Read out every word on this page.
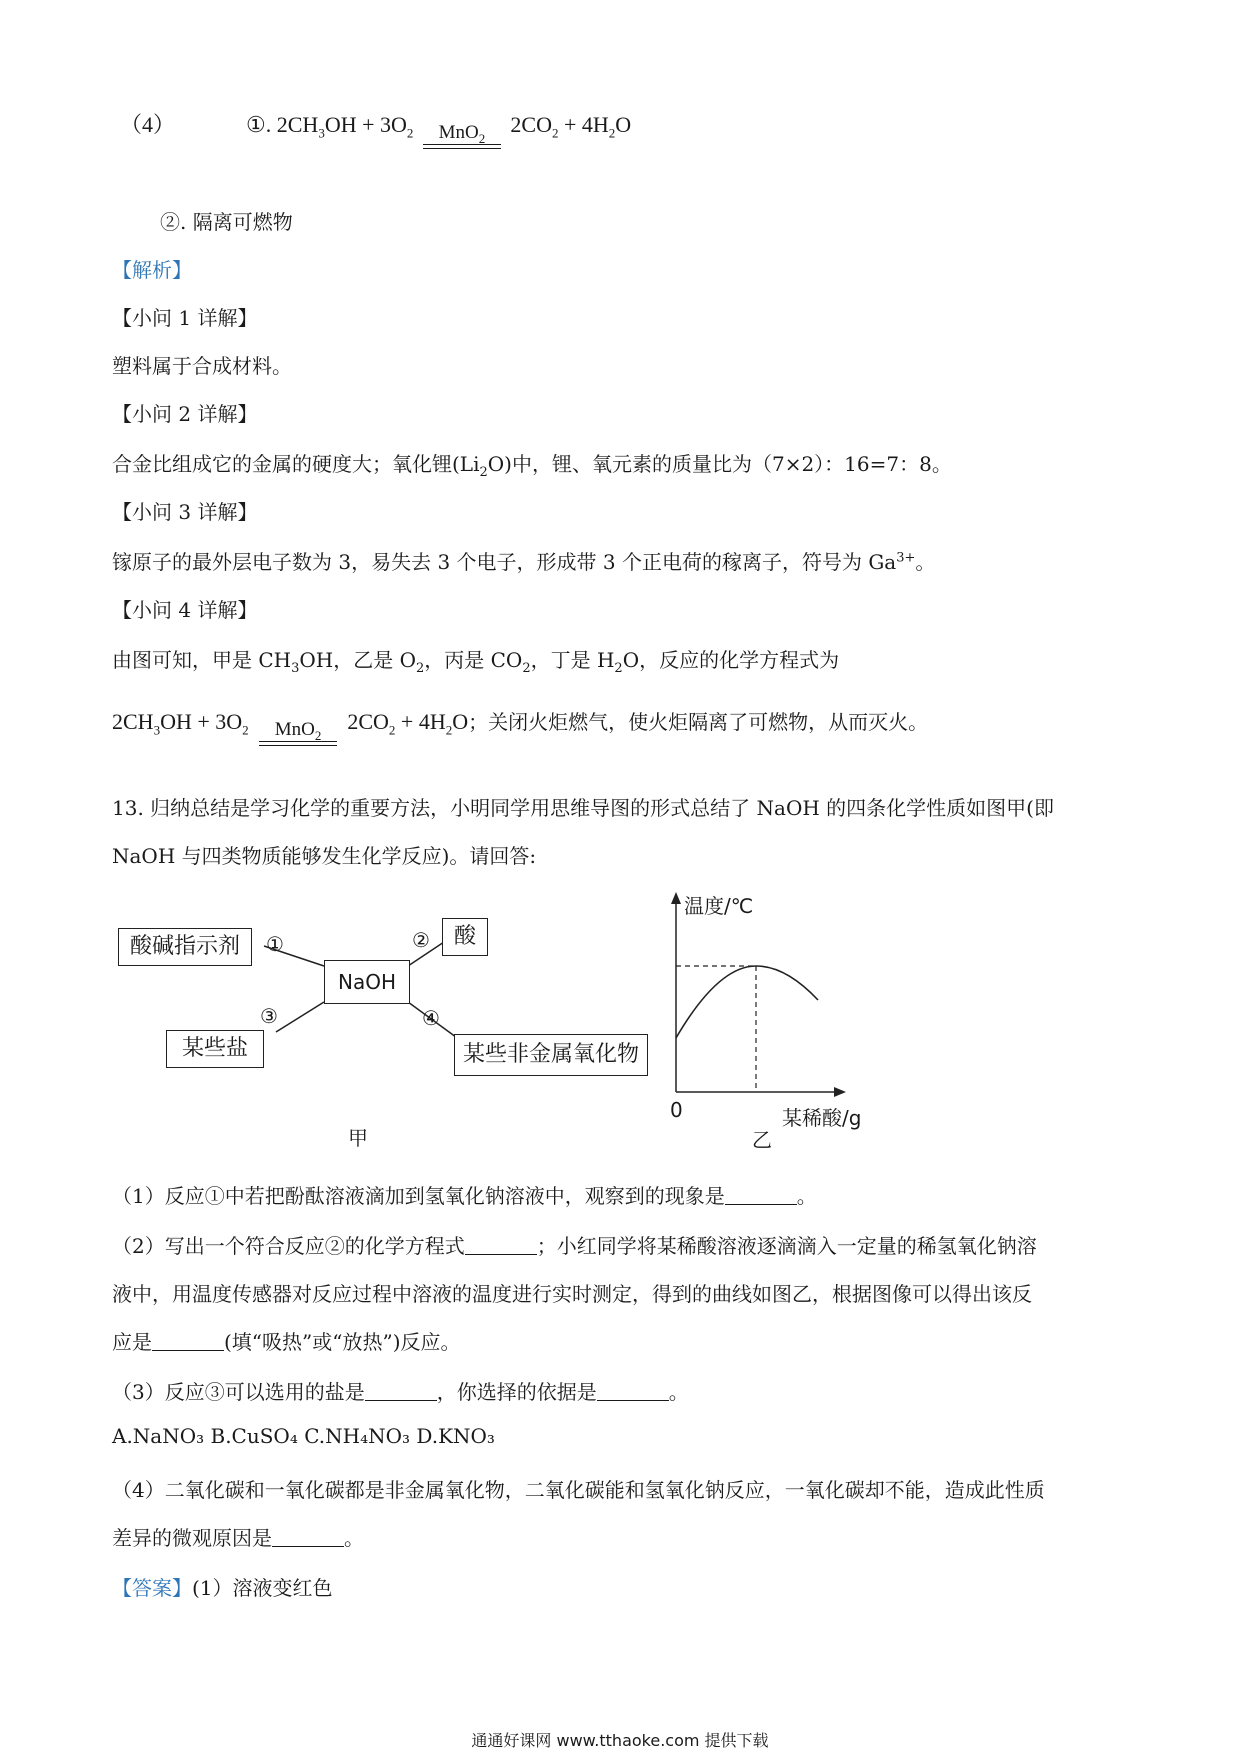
（4）	①. $2CH_3OH + 3O_2$ MnO$_2$
$2CO_2 + 4H_2O$
②. 隔离可燃物
【解析】
【小问 1 详解】
塑料属于合成材料。
【小问 2 详解】
合金比组成它的金属的硬度大；氧化锂$(Li_2O)$中，锂、氧元素的质量比为（7×2）：16=7：8。
【小问 3 详解】
镓原子的最外层电子数为 3，易失去 3 个电子，形成带 3 个正电荷的稼离子，符号为 $Ga^{3+}$。
【小问 4 详解】
由图可知，甲是 $CH_3OH$，乙是 $O_2$，丙是 $CO_2$，丁是 $H_2O$，反应的化学方程式为
$2CH_3OH + 3O_2$ MnO$_2$
$2CO_2 + 4H_2O$；关闭火炬燃气，使火炬隔离了可燃物，从而灭火。
13. 归纳总结是学习化学的重要方法，小明同学用思维导图的形式总结了 NaOH 的四条化学性质如图甲(即
NaOH 与四类物质能够发生化学反应)。请回答:
酸碱指示剂	①	酸
②
NaOH
③
某些盐
④
某些非金属氧化物
甲
温度/℃
0	某稀酸/g
乙
（1）反应①中若把酚酞溶液滴加到氢氧化钠溶液中，观察到的现象是	。
（2）写出一个符合反应②的化学方程式	；小红同学将某稀酸溶液逐滴滴入一定量的稀氢氧化钠溶
液中，用温度传感器对反应过程中溶液的温度进行实时测定，得到的曲线如图乙，根据图像可以得出该反
应是	(填“吸热”或“放热”)反应。
（3）反应③可以选用的盐是	，你选择的依据是	。
A.NaNO₃ B.CuSO₄ C.NH₄NO₃ D.KNO₃
（4）二氧化碳和一氧化碳都是非金属氧化物，二氧化碳能和氢氧化钠反应，一氧化碳却不能，造成此性质
差异的微观原因是	。
【答案】(1）溶液变红色
通通好课网 www.tthaoke.com 提供下载
